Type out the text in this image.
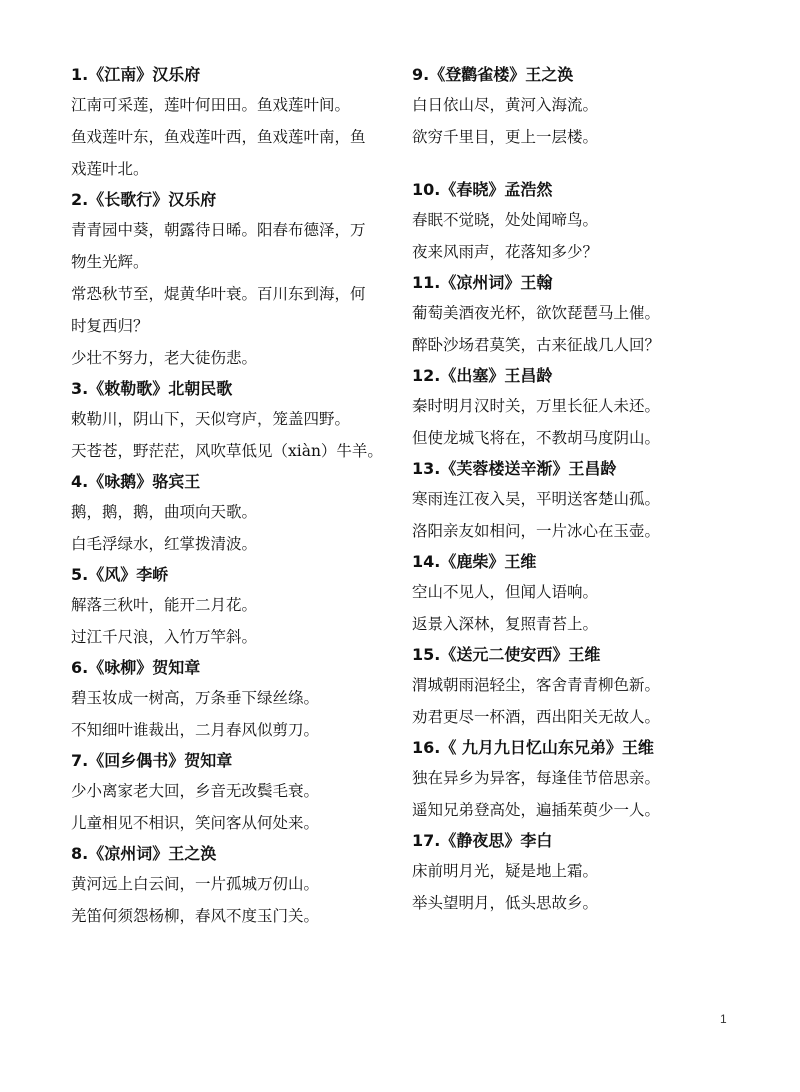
1.《江南》汉乐府
江南可采莲，莲叶何田田。鱼戏莲叶间。
鱼戏莲叶东，鱼戏莲叶西，鱼戏莲叶南，鱼
戏莲叶北。
2.《长歌行》汉乐府
青青园中葵，朝露待日晞。阳春布德泽，万
物生光辉。
常恐秋节至，焜黄华叶衰。百川东到海，何
时复西归？
少壮不努力，老大徒伤悲。
3.《敕勒歌》北朝民歌
敕勒川，阴山下，天似穹庐，笼盖四野。
天苍苍，野茫茫，风吹草低见（xiàn）牛羊。
4.《咏鹅》骆宾王
鹅，鹅，鹅，曲项向天歌。
白毛浮绿水，红掌拨清波。
5.《风》李峤
解落三秋叶，能开二月花。
过江千尺浪，入竹万竿斜。
6.《咏柳》贺知章
碧玉妆成一树高，万条垂下绿丝绦。
不知细叶谁裁出，二月春风似剪刀。
7.《回乡偶书》贺知章
少小离家老大回，乡音无改鬓毛衰。
儿童相见不相识，笑问客从何处来。
8.《凉州词》王之涣
黄河远上白云间，一片孤城万仞山。
羌笛何须怨杨柳，春风不度玉门关。
9.《登鹳雀楼》王之涣
白日依山尽，黄河入海流。
欲穷千里目，更上一层楼。
10.《春晓》孟浩然
春眠不觉晓，处处闻啼鸟。
夜来风雨声，花落知多少？
11.《凉州词》王翰
葡萄美酒夜光杯，欲饮琵琶马上催。
醉卧沙场君莫笑，古来征战几人回？
12.《出塞》王昌龄
秦时明月汉时关，万里长征人未还。
但使龙城飞将在，不教胡马度阴山。
13.《芙蓉楼送辛渐》王昌龄
寒雨连江夜入吴，平明送客楚山孤。
洛阳亲友如相问，一片冰心在玉壶。
14.《鹿柴》王维
空山不见人，但闻人语响。
返景入深林，复照青苔上。
15.《送元二使安西》王维
渭城朝雨浥轻尘，客舍青青柳色新。
劝君更尽一杯酒，西出阳关无故人。
16.《 九月九日忆山东兄弟》王维
独在异乡为异客，每逢佳节倍思亲。
遥知兄弟登高处，遍插茱萸少一人。
17.《静夜思》李白
床前明月光，疑是地上霜。
举头望明月，低头思故乡。
1
